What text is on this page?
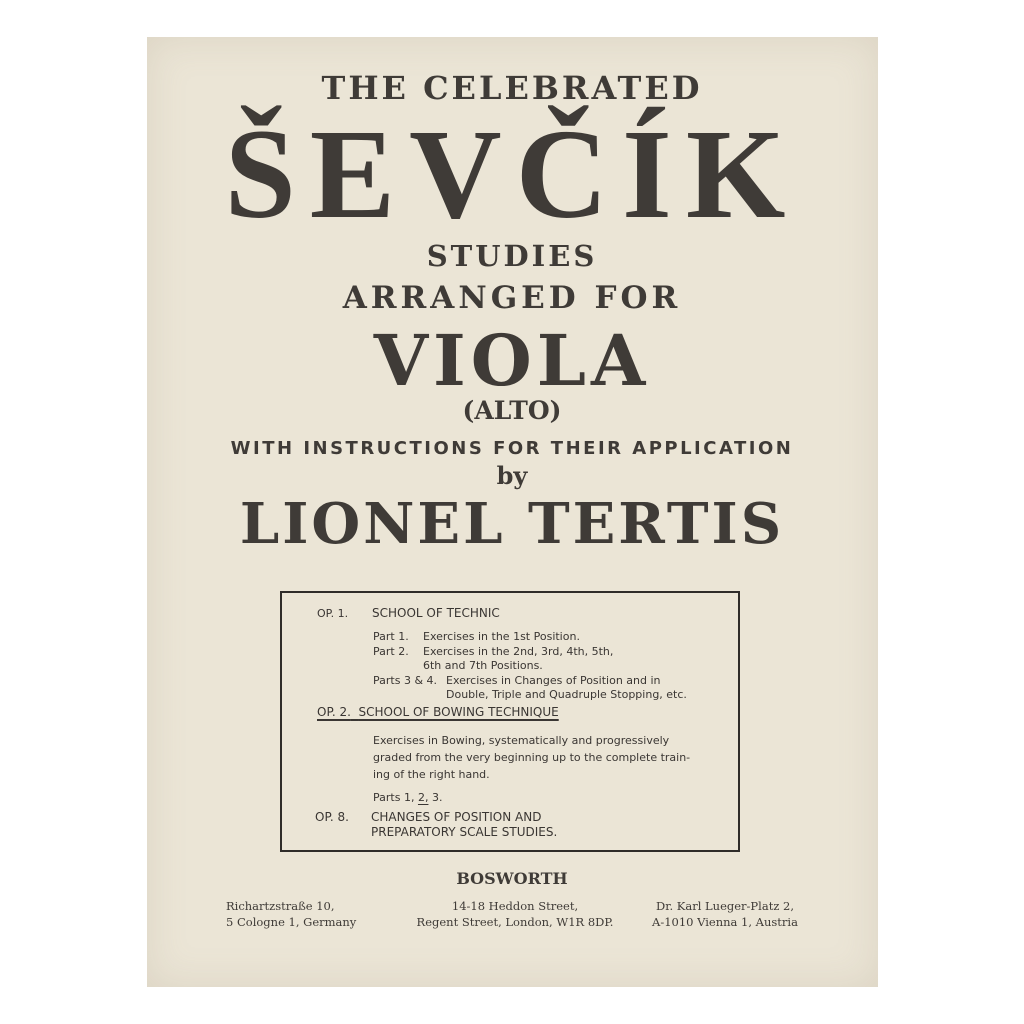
THE CELEBRATED
ŠEVČÍK
STUDIES
ARRANGED FOR
VIOLA
(ALTO)
WITH INSTRUCTIONS FOR THEIR APPLICATION
by
LIONEL TERTIS
OP. 1. SCHOOL OF TECHNIC
Part 1. Exercises in the 1st Position.
Part 2. Exercises in the 2nd, 3rd, 4th, 5th,
6th and 7th Positions.
Parts 3 & 4. Exercises in Changes of Position and in
Double, Triple and Quadruple Stopping, etc.
OP. 2. SCHOOL OF BOWING TECHNIQUE
Exercises in Bowing, systematically and progressively
graded from the very beginning up to the complete train-
ing of the right hand.
Parts 1, 2, 3.
OP. 8. CHANGES OF POSITION AND
PREPARATORY SCALE STUDIES.
BOSWORTH
Richartzstraße 10,
5 Cologne 1, Germany
14-18 Heddon Street,
Regent Street, London, W1R 8DP.
Dr. Karl Lueger-Platz 2,
A-1010 Vienna 1, Austria
